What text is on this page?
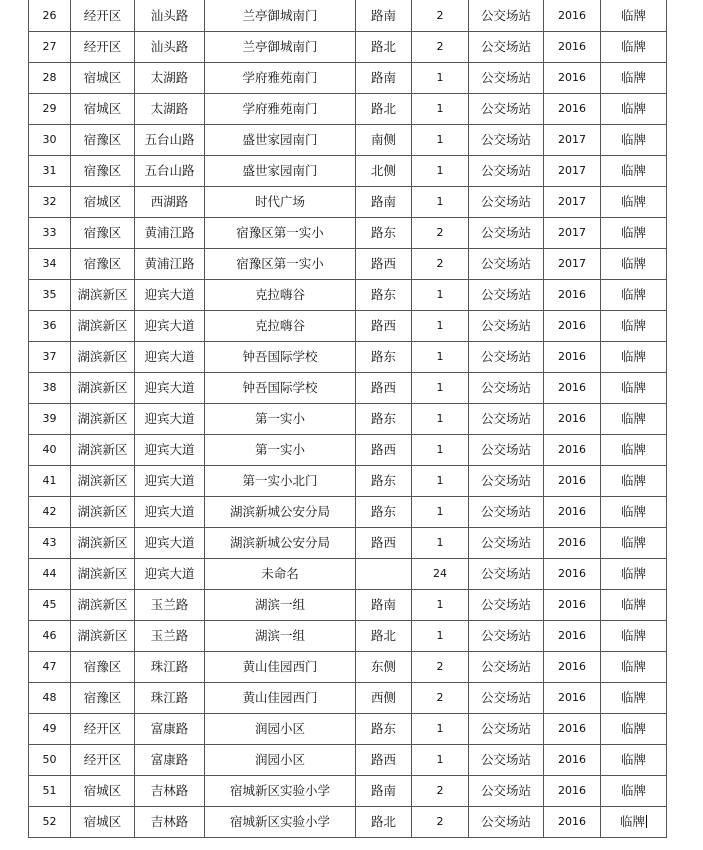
26	经开区	汕头路	兰亭御城南门	路南	2	公交场站	2016	临牌
27	经开区	汕头路	兰亭御城南门	路北	2	公交场站	2016	临牌
28	宿城区	太湖路	学府雅苑南门	路南	1	公交场站	2016	临牌
29	宿城区	太湖路	学府雅苑南门	路北	1	公交场站	2016	临牌
30	宿豫区	五台山路	盛世家园南门	南侧	1	公交场站	2017	临牌
31	宿豫区	五台山路	盛世家园南门	北侧	1	公交场站	2017	临牌
32	宿城区	西湖路	时代广场	路南	1	公交场站	2017	临牌
33	宿豫区	黄浦江路	宿豫区第一实小	路东	2	公交场站	2017	临牌
34	宿豫区	黄浦江路	宿豫区第一实小	路西	2	公交场站	2017	临牌
35	湖滨新区	迎宾大道	克拉嗨谷	路东	1	公交场站	2016	临牌
36	湖滨新区	迎宾大道	克拉嗨谷	路西	1	公交场站	2016	临牌
37	湖滨新区	迎宾大道	钟吾国际学校	路东	1	公交场站	2016	临牌
38	湖滨新区	迎宾大道	钟吾国际学校	路西	1	公交场站	2016	临牌
39	湖滨新区	迎宾大道	第一实小	路东	1	公交场站	2016	临牌
40	湖滨新区	迎宾大道	第一实小	路西	1	公交场站	2016	临牌
41	湖滨新区	迎宾大道	第一实小北门	路东	1	公交场站	2016	临牌
42	湖滨新区	迎宾大道	湖滨新城公安分局	路东	1	公交场站	2016	临牌
43	湖滨新区	迎宾大道	湖滨新城公安分局	路西	1	公交场站	2016	临牌
44	湖滨新区	迎宾大道	未命名		24	公交场站	2016	临牌
45	湖滨新区	玉兰路	湖滨一组	路南	1	公交场站	2016	临牌
46	湖滨新区	玉兰路	湖滨一组	路北	1	公交场站	2016	临牌
47	宿豫区	珠江路	黄山佳园西门	东侧	2	公交场站	2016	临牌
48	宿豫区	珠江路	黄山佳园西门	西侧	2	公交场站	2016	临牌
49	经开区	富康路	润园小区	路东	1	公交场站	2016	临牌
50	经开区	富康路	润园小区	路西	1	公交场站	2016	临牌
51	宿城区	吉林路	宿城新区实验小学	路南	2	公交场站	2016	临牌
52	宿城区	吉林路	宿城新区实验小学	路北	2	公交场站	2016	临牌
